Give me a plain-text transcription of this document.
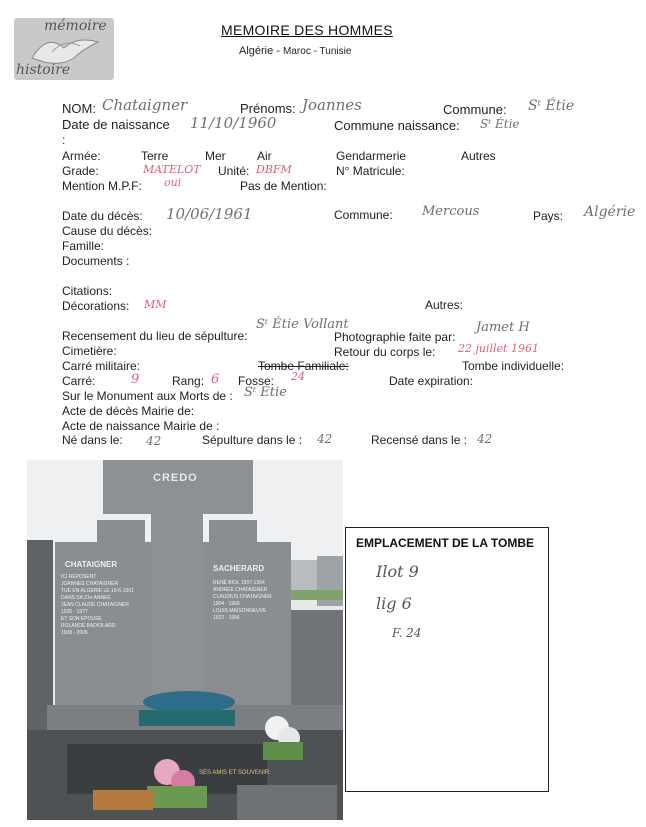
mémoire
histoire
MEMOIRE DES HOMMES
Algérie - Maroc - Tunisie
NOM: Chataigner	Prénoms: Joannes	Commune: Sᵗ Étie
Date de naissance 11/10/1960	Commune naissance: Sᵗ Étie
:
Armée:	Terre	Mer	Air	Gendarmerie	Autres
Grade:	MATELOT Unité: DBFM	N° Matricule:
Mention M.P.F: oui	Pas de Mention:
Date du décès: 10/06/1961	Commune: Mercous	Pays: Algérie
Cause du décès:
Famille:
Documents :
Citations:
Décorations: MM	Autres:
Recensement du lieu de sépulture:
Sᵗ Étie Vollant
Photographie faite par:
Jamet H
Cimetière:	Retour du corps le: 22 juillet 1961
Carré militaire:	Tombe Familiale:	Tombe individuelle:
Carré:	9	Rang: 6 Fosse: 24	Date expiration:
Sur le Monument aux Morts de : Sᵗ Étie
Acte de décès Mairie de:
Acte de naissance Mairie de :
Né dans le: 42	Sépulture dans le : 42	Recensé dans le : 42
CREDO
CHATAIGNER
ICI REPOSENT
JOANNES CHATAIGNER
TUE EN ALGERIE LE 10-6-1961
DANS SA 21e ANNEE
JEAN CLAUDE CHATAIGNER
1935 - 1977
ET SON EPOUSE
ROLANDE BADIOLARD
1938 - 2006
SACHERARD
RENÉ BIOL 1907-1964
ANDRÉE CHATAIGNER
CLAUDIUS CHATAIGNER
1904 - 1966
LOUIS MAISONNEUVE
1922 - 1996
SES AMIS ET SOUVENIR
EMPLACEMENT DE LA TOMBE
Ilot 9
lig 6
F. 24
